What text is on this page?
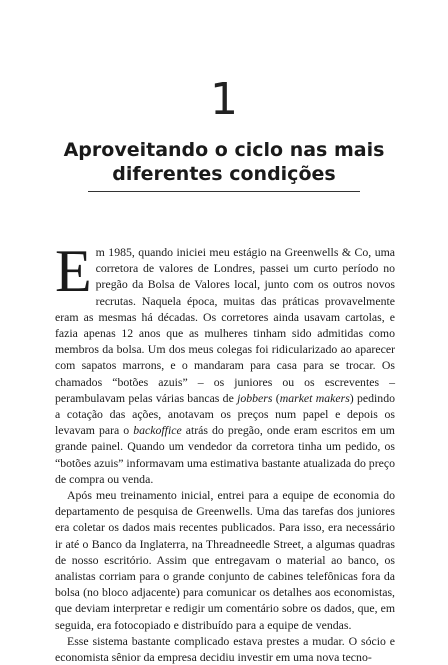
1
Aproveitando o ciclo nas mais
diferentes condições

Em 1985, quando iniciei meu estágio na Greenwells & Co, uma corretora de valores de Londres, passei um curto período no pregão da Bolsa de Valores local, junto com os outros novos recrutas. Naquela época, muitas das práticas provavelmente eram as mesmas há décadas. Os corretores ainda usavam cartolas, e fazia apenas 12 anos que as mulheres tinham sido admitidas como membros da bolsa. Um dos meus colegas foi ridicularizado ao aparecer com sapatos marrons, e o mandaram para casa para se trocar. Os chamados “botões azuis” – os juniores ou os escreventes – perambulavam pelas várias bancas de jobbers (market makers) pedindo a cotação das ações, anotavam os preços num papel e depois os levavam para o backoffice atrás do pregão, onde eram escritos em um grande painel. Quando um vendedor da corretora tinha um pedido, os “botões azuis” informavam uma estimativa bastante atualizada do preço de compra ou venda.

Após meu treinamento inicial, entrei para a equipe de economia do departamento de pesquisa de Greenwells. Uma das tarefas dos juniores era coletar os dados mais recentes publicados. Para isso, era necessário ir até o Banco da Inglaterra, na Threadneedle Street, a algumas quadras de nosso escritório. Assim que entregavam o material ao banco, os analistas corriam para o grande conjunto de cabines telefônicas fora da bolsa (no bloco adjacente) para comunicar os detalhes aos economistas, que deviam interpretar e redigir um comentário sobre os dados, que, em seguida, era fotocopiado e distribuído para a equipe de vendas.

Esse sistema bastante complicado estava prestes a mudar. O sócio e economista sênior da empresa decidiu investir em uma nova tecno-
